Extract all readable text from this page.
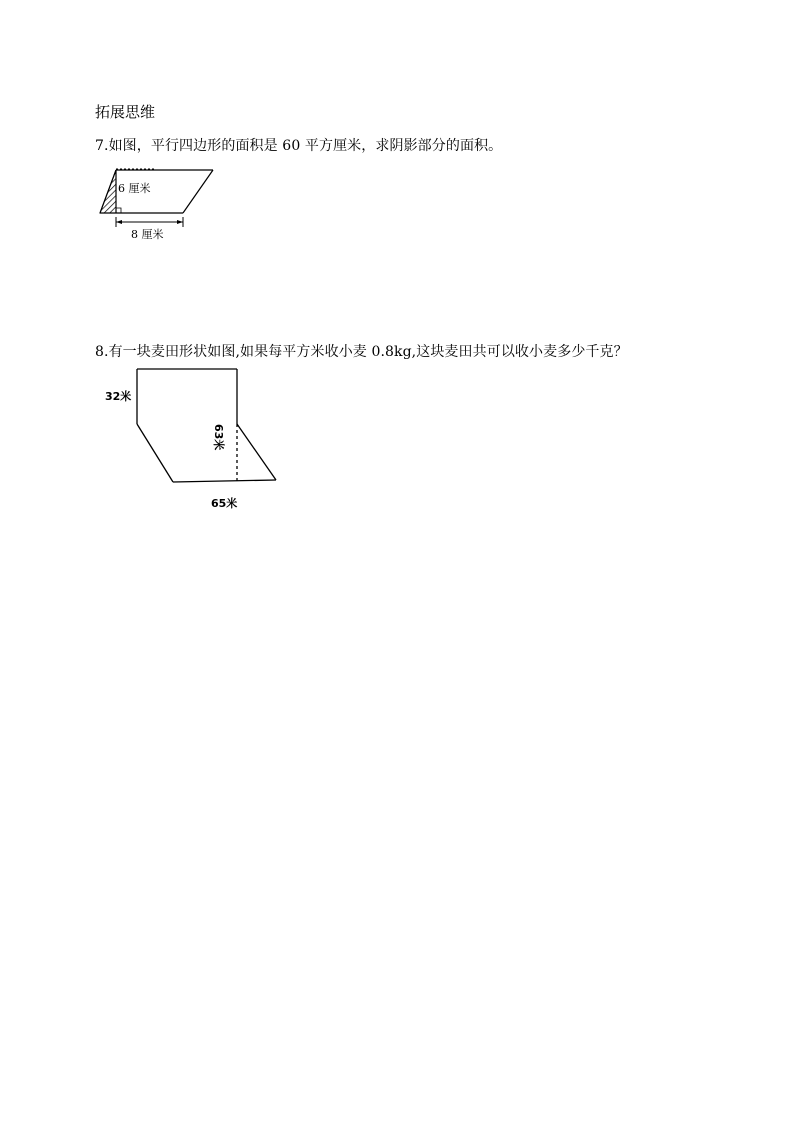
拓展思维
7.如图，平行四边形的面积是 60 平方厘米，求阴影部分的面积。
6 厘米
8 厘米
8.有一块麦田形状如图,如果每平方米收小麦 0.8kg,这块麦田共可以收小麦多少千克？
32米
63米
65米
